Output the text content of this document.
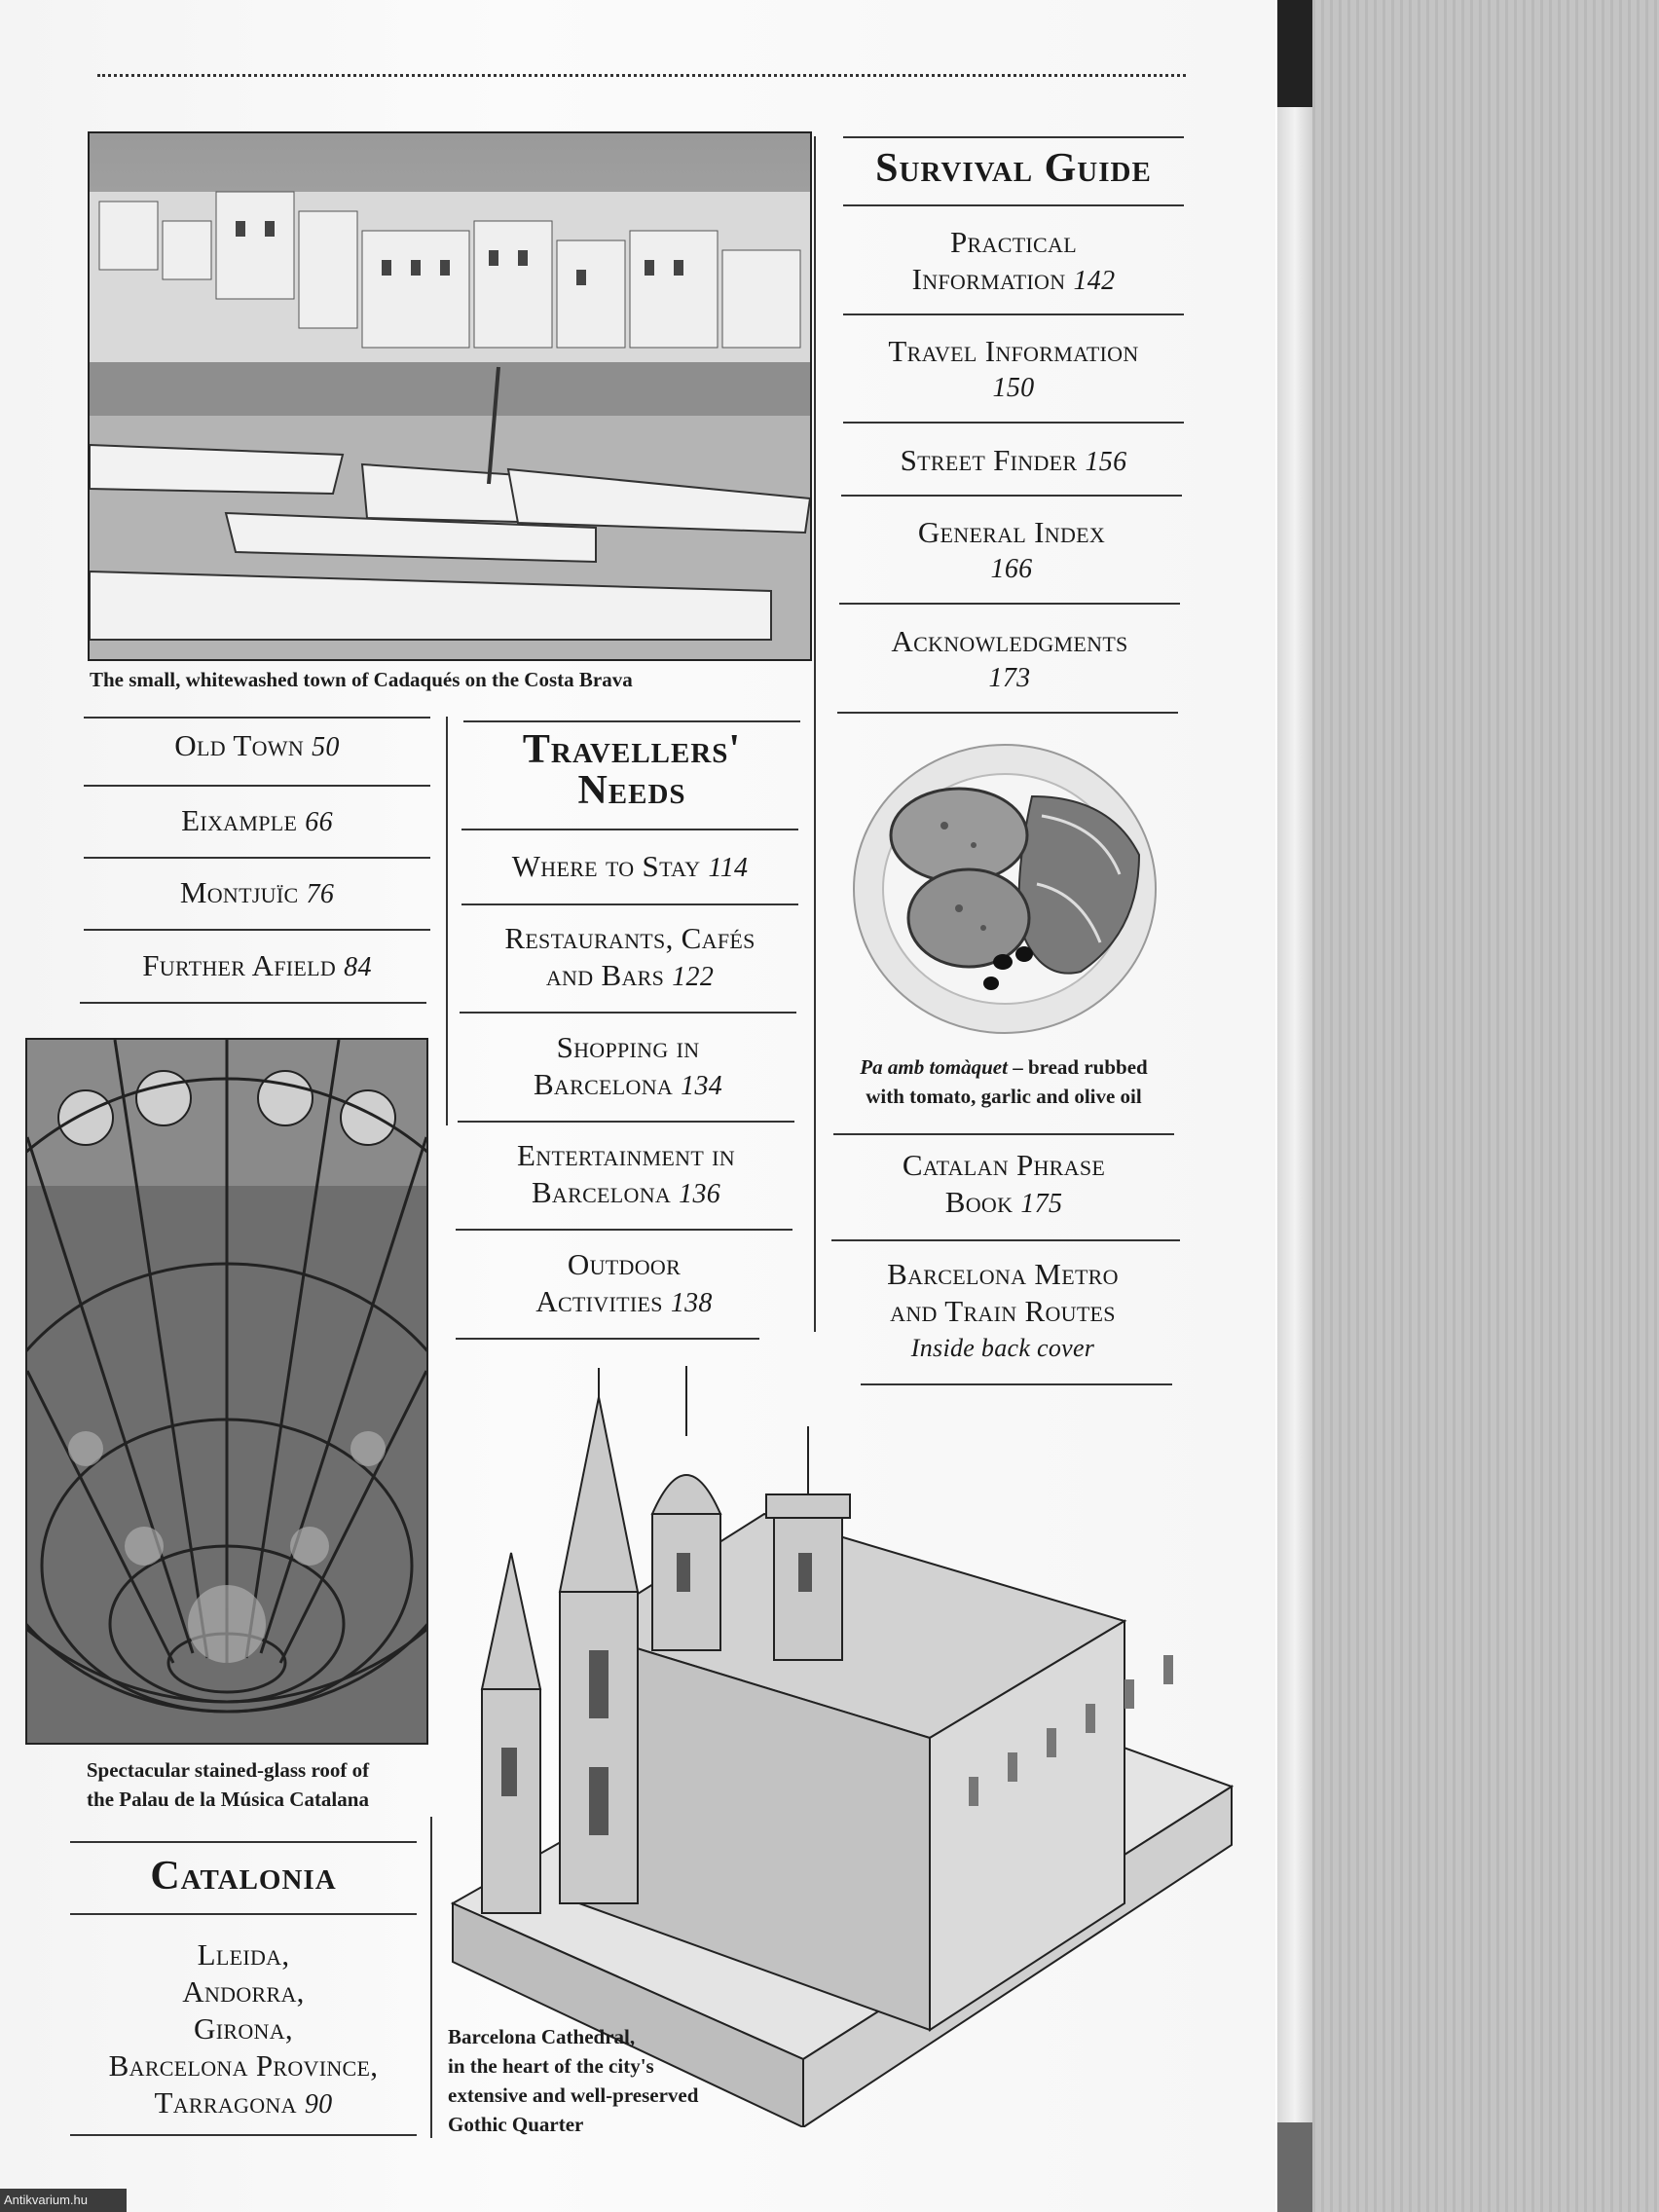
The small, whitewashed town of Cadaqués on the Costa Brava
Old Town 50
Eixample 66
Montjuïc 76
Further Afield 84
Spectacular stained-glass roof of
the Palau de la Música Catalana
Catalonia
Lleida,
Andorra,
Girona,
Barcelona Province,
Tarragona 90
Travellers'
Needs
Where to Stay 114
Restaurants, Cafés
and Bars 122
Shopping in
Barcelona 134
Entertainment in
Barcelona 136
Outdoor
Activities 138
Survival Guide
Practical
Information 142
Travel Information
150
Street Finder 156
General Index
166
Acknowledgments
173
Pa amb tomàquet – bread rubbed
with tomato, garlic and olive oil
Catalan Phrase
Book 175
Barcelona Metro
and Train Routes
Inside back cover
Barcelona Cathedral,
in the heart of the city's
extensive and well-preserved
Gothic Quarter
Antikvarium.hu
